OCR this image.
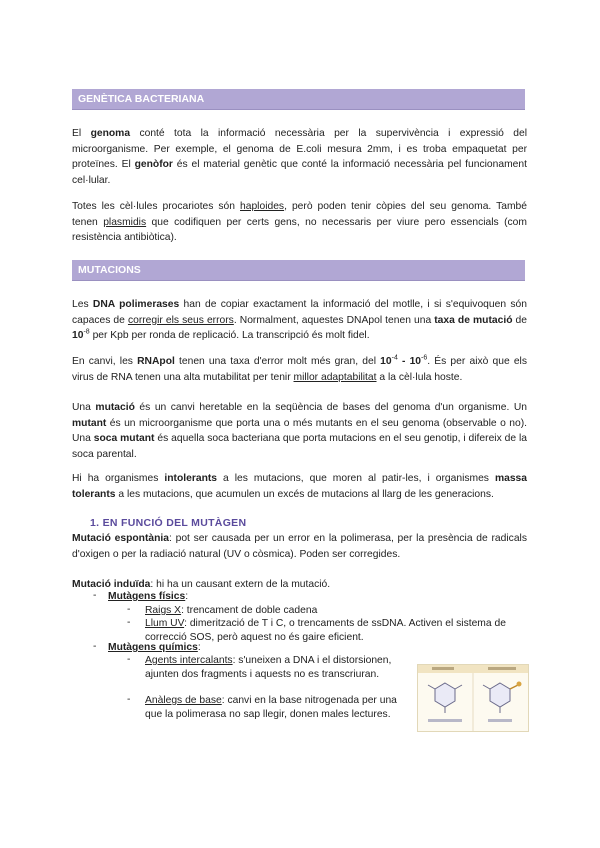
GENÈTICA BACTERIANA
El genoma conté tota la informació necessària per la supervivència i expressió del microorganisme. Per exemple, el genoma de E.coli mesura 2mm, i es troba empaquetat per proteïnes. El genòfor és el material genètic que conté la informació necessària pel funcionament cel·lular.
Totes les cèl·lules procariotes són haploides, però poden tenir còpies del seu genoma. També tenen plasmidis que codifiquen per certs gens, no necessaris per viure pero essencials (com resistència antibiòtica).
MUTACIONS
Les DNA polimerases han de copiar exactament la informació del motlle, i si s'equivoquen són capaces de corregir els seus errors. Normalment, aquestes DNApol tenen una taxa de mutació de $10^{-8}$ per Kpb per ronda de replicació. La transcripció és molt fidel.
En canvi, les RNApol tenen una taxa d'error molt més gran, del $10^{-4} - 10^{-6}$. És per això que els virus de RNA tenen una alta mutabilitat per tenir millor adaptabilitat a la cèl·lula hoste.
Una mutació és un canvi heretable en la seqüència de bases del genoma d'un organisme. Un mutant és un microorganisme que porta una o més mutants en el seu genoma (observable o no). Una soca mutant és aquella soca bacteriana que porta mutacions en el seu genotip, i difereix de la soca parental.
Hi ha organismes intolerants a les mutacions, que moren al patir-les, i organismes massa tolerants a les mutacions, que acumulen un excés de mutacions al llarg de les generacions.
1. EN FUNCIÓ DEL MUTÀGEN
Mutació espontània: pot ser causada per un error en la polimerasa, per la presència de radicals d'oxigen o per la radiació natural (UV o còsmica). Poden ser corregides.
Mutació induïda: hi ha un causant extern de la mutació.
- Mutàgens físics:
- Raigs X: trencament de doble cadena
- Llum UV: dimerització de T i C, o trencaments de ssDNA. Activen el sistema de correcció SOS, però aquest no és gaire eficient.
- Mutàgens químics:
- Agents intercalants: s'uneixen a DNA i el distorsionen, ajunten dos fragments i aquests no es transcriuran.
- Anàlegs de base: canvi en la base nitrogenada per una que la polimerasa no sap llegir, donen males lectures.
